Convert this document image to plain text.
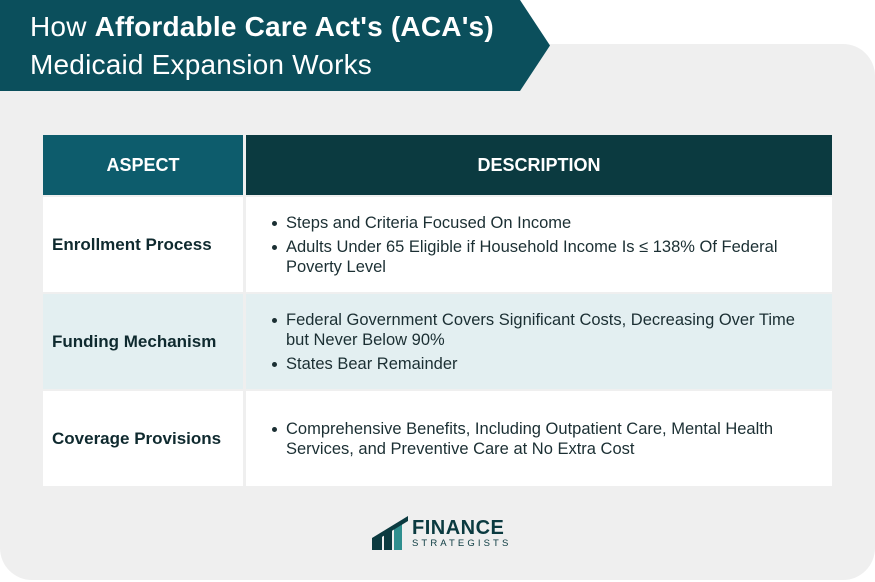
How Affordable Care Act's (ACA's)
Medicaid Expansion Works
ASPECT	DESCRIPTION
Enrollment Process
Steps and Criteria Focused On Income
Adults Under 65 Eligible if Household Income Is ≤ 138% Of Federal Poverty Level
Funding Mechanism
Federal Government Covers Significant Costs, Decreasing Over Time but Never Below 90%
States Bear Remainder
Coverage Provisions	Comprehensive Benefits, Including Outpatient Care, Mental Health Services, and Preventive Care at No Extra Cost
FINANCE
STRATEGISTS
